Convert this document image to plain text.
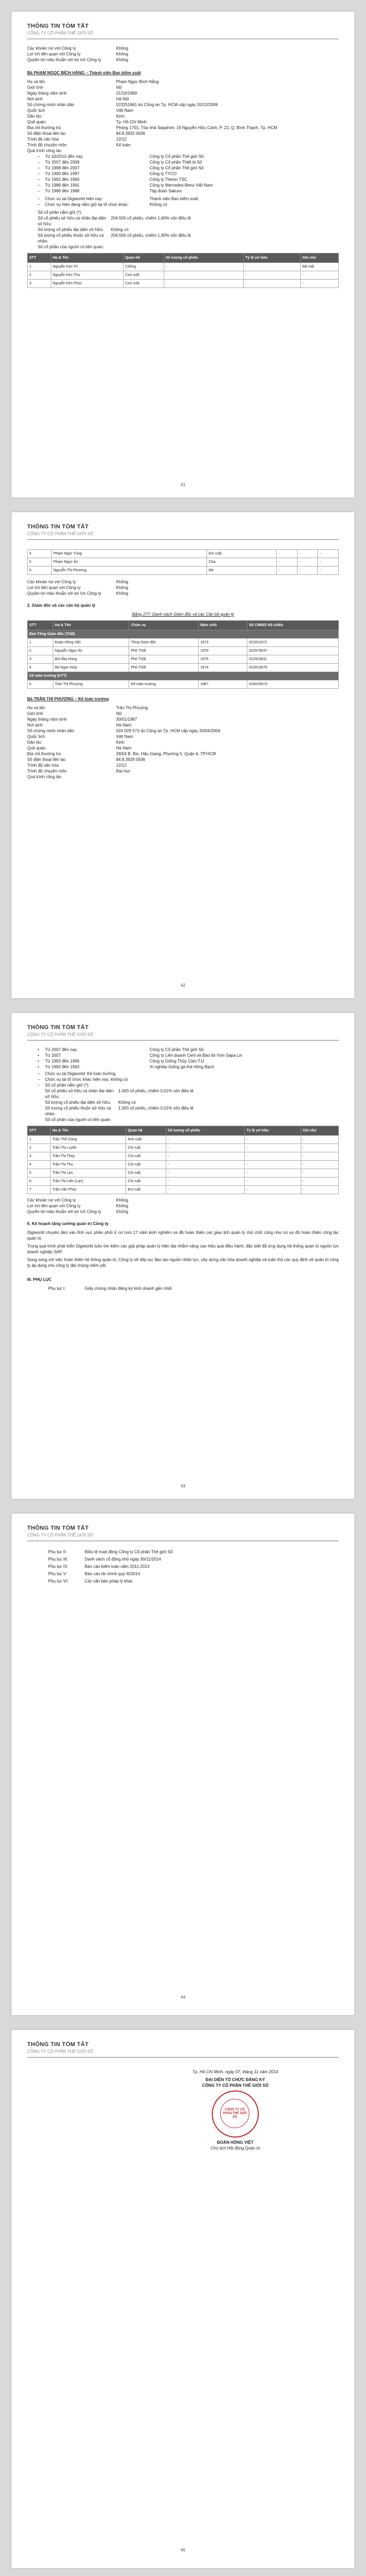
THÔNG TIN TÓM TẮT
CÔNG TY CỔ PHẦN THẾ GIỚI SỐ
Các khoản nợ với Công ty	Không
Lợi ích liên quan với Công ty	Không
Quyền lợi mâu thuẫn với lợi ích Công ty	Không
Bà PHẠM NGỌC BÍCH HẰNG – Thành viên Ban kiểm soát
Họ và tên	Phạm Ngọc Bích Hằng
Giới tính	Nữ
Ngày tháng năm sinh	21/10/1969
Nơi sinh	Hà Nội
Số chứng minh nhân dân	023251861 do Công an Tp. HCM cấp ngày 20/12/2006
Quốc tịch	Việt Nam
Dân tộc	Kinh
Quê quán	Tp. Hồ Chí Minh
Địa chỉ thường trú	Phòng 1701, Tòa nhà Sapphire, 16 Nguyễn Hữu Cảnh, P. 22, Q. Bình Thạnh, Tp. HCM
Số điện thoại liên lạc	84.8.3920 0506
Trình độ văn hóa	12/12
Trình độ chuyên môn	Kế toán
Quá trình công tác
–	Từ 10/2010 đến nay	Công ty Cổ phần Thế giới Số
–	Từ 2007 đến 2009	Công ty Cổ phần Thiết bị Số
–	Từ 1998 đến 2007	Công ty Cổ phần Thế giới Số
–	Từ 1993 đến 1997	Công ty TYCO
–	Từ 1992 đến 1993	Công ty Thimm TSC
–	Từ 1988 đến 1991	Công ty Mercedes-Benz Việt Nam
–	Từ 1986 đến 1988	Tập đoàn Sakura
–	Chức vụ tại Digiworld hiện nay:	Thành viên Ban kiểm soát
–	Chức vụ hiện đang nắm giữ tại tổ chức khác:	Không có
Số cổ phần nắm giữ (*):
Số cổ phiếu sở hữu cá nhân đại diện số hữu:
204.500 cổ phiếu, chiếm 1,60% vốn điều lệ
Số lượng cổ phiếu đại diện sở hữu:	Không có
Số lượng cổ phiếu thuộc sở hữu cá nhân:
204.500 cổ phiếu, chiếm 1,60% vốn điều lệ
Số cổ phần của người có liên quan:
STT	Họ & Tên	Quan hệ	Số lượng cổ phiếu	Tỷ lệ sở hữu	Ghi chú
1	Nguyễn Kim Trí	Chồng	-	-	Đã mất
2	Nguyễn Kim Thư	Con ruột	-	-	-
3	Nguyễn Kim Phúc	Con ruột	-	-	-
41
THÔNG TIN TÓM TẮT
CÔNG TY CỔ PHẦN THẾ GIỚI SỐ
4	Phạm Ngọc Tùng	Em ruột	-	-	-
5	Phạm Ngọc Ân	Cha	-	-	-
6	Nguyễn Thị Phương	Mẹ	-	-	-
Các khoản nợ với Công ty	Không
Lợi ích liên quan với Công ty	Không
Quyền lợi mâu thuẫn với lợi ích Công ty	Không
2. Giám đốc và các cán bộ quản lý
Bảng 2??: Danh sách Giám đốc và các Cán bộ quản lý
STT	Họ & Tên	Chức vụ	Năm sinh	Số CMND/ Hộ chiếu
Ban Tổng Giám đốc (TGĐ)				
1	Đoàn Hồng Việt	Tổng Giám đốc	1973	022811072
2	Nguyễn Ngọc An	Phó TGĐ	1970	022579037
3	Bùi Mai Hùng	Phó TGĐ	1975	022919011
4	Bá Ngọc Hợp	Phó TGĐ	1974	022819076
Kế toán trưởng (KTT)				
5	Trần Thị Phượng	Kế toán trưởng	1987	024029573
Bà TRẦN THỊ PHƯỢNG – Kế toán trưởng
Họ và tên	Trần Thị Phượng
Giới tính	Nữ
Ngày tháng năm sinh	30/01/1987
Nơi sinh	Hà Nam
Số chứng minh nhân dân	024 029 573 do Công an Tp. HCM cấp ngày 20/04/2004
Quốc tịch	Việt Nam
Dân tộc	Kinh
Quê quán	Hà Nam
Địa chỉ thường trú	283/4 B. Bis, Hậu Giang, Phường 5, Quận 6, TP.HCM
Số điện thoại liên lạc	84.8.3929 0506
Trình độ văn hóa	12/12
Trình độ chuyên môn	Đại học
Quá trình công tác
42
THÔNG TIN TÓM TẮT
CÔNG TY CỔ PHẦN THẾ GIỚI SỐ
•	Từ 2007 đến nay	Công ty Cổ phần Thế giới Số
•	Từ 2007	Công ty Liên doanh Cenl và Bảo tồi Yom Sapa Lin
•	Từ 1993 đến 1996	Công ty Giống Thủy Cảm T.U
•	Từ 1992 đến 1993	Xí nghiệp Giống gà thả Hồng Bạch
–	Chức vụ tại Digiworld: Kế toán trưởng
–	Chức vụ tại tổ chức khác hiện nay: không có
–	Số cổ phần nắm giữ (*):
Số cổ phiếu sở hữu cá nhân đại diện sở hữu:
1.000 cổ phiếu, chiếm 0,01% vốn điều lệ
Số lượng cổ phiếu đại diện sở hữu:	Không có
Số lượng cổ phiếu thuộc sở hữu cá nhân:
1.000 cổ phiếu, chiếm 0,01% vốn điều lệ
Số cổ phần của người có liên quan:
STT	Họ & Tên	Quan hệ	Số lượng cổ phiếu	Tỷ lệ sở hữu	Ghi chú
1	Trần Thế Dũng	Anh ruột	-	-	-
2	Trần Thị Luyến	Chị ruột	-	-	-
3	Trần Thị Thủy	Chị ruột	-	-	-
4	Trần Thị Thu	Chị ruột	-	-	-
5	Trần Thị Lan	Chị ruột	-	-	-
6	Trần Thị Liên (Lan)	Chị ruột	-	-	-
7	Trần Văn Phúc	Em ruột	-	-	-
Các khoản nợ với Công ty	Không
Lợi ích liên quan với Công ty	Không
Quyền lợi mâu thuẫn với lợi ích Công ty	Không
6. Kế hoạch tăng cường quản trị Công ty
Digiworld chuyên tâm vào lĩnh vực phân phối ở cơ hơn 17 năm kinh nghiệm và đã hoàn thiện các giao lịch quản lý chủ chốt cũng như có sự đó hoàn thiện công tác quản trị.
Trong quá trình phát triển Digiworld luôn tìm kiếm các giải pháp quản lý hiện đại nhằm nâng cao hiệu quả điều hành, đặc biệt đã ứng dụng hệ thống quản trị nguồn lực doanh nghiệp SAP.
Song song với việc hoàn thiện hệ thống quản trị, Công ty sẽ tiếp tục đào tạo nguồn nhân lực, xây dựng văn hóa doanh nghiệp và tuân thủ các quy định về quản trị công ty áp dụng cho công ty đại chúng niêm yết.
III. PHỤ LỤC
Phụ lục I:	Giấy chứng nhận đăng ký kinh doanh gần nhất
43
THÔNG TIN TÓM TẮT
CÔNG TY CỔ PHẦN THẾ GIỚI SỐ
Phụ lục II:	Điều lệ hoạt động Công ty Cổ phần Thế giới Số
Phụ lục III:	Danh sách cổ đông nhỏ ngày 30/11/2014
Phụ lục IV:	Báo cáo kiểm toán năm 2011-2013
Phụ lục V:	Báo cáo tài chính quý III/2014
Phụ lục VI:	Các văn bản pháp lý khác
44
THÔNG TIN TÓM TẮT
CÔNG TY CỔ PHẦN THẾ GIỚI SỐ
Tp. Hồ Chí Minh, ngày 07, tháng 11 năm 2014
ĐẠI DIỆN TỔ CHỨC ĐĂNG KÝ
CÔNG TY CỔ PHẦN THẾ GIỚI SỐ
CÔNG TY CỔ PHẦN THẾ GIỚI SỐ
ĐOÀN HỒNG VIỆT
Chủ tịch Hội đồng Quản trị
45
